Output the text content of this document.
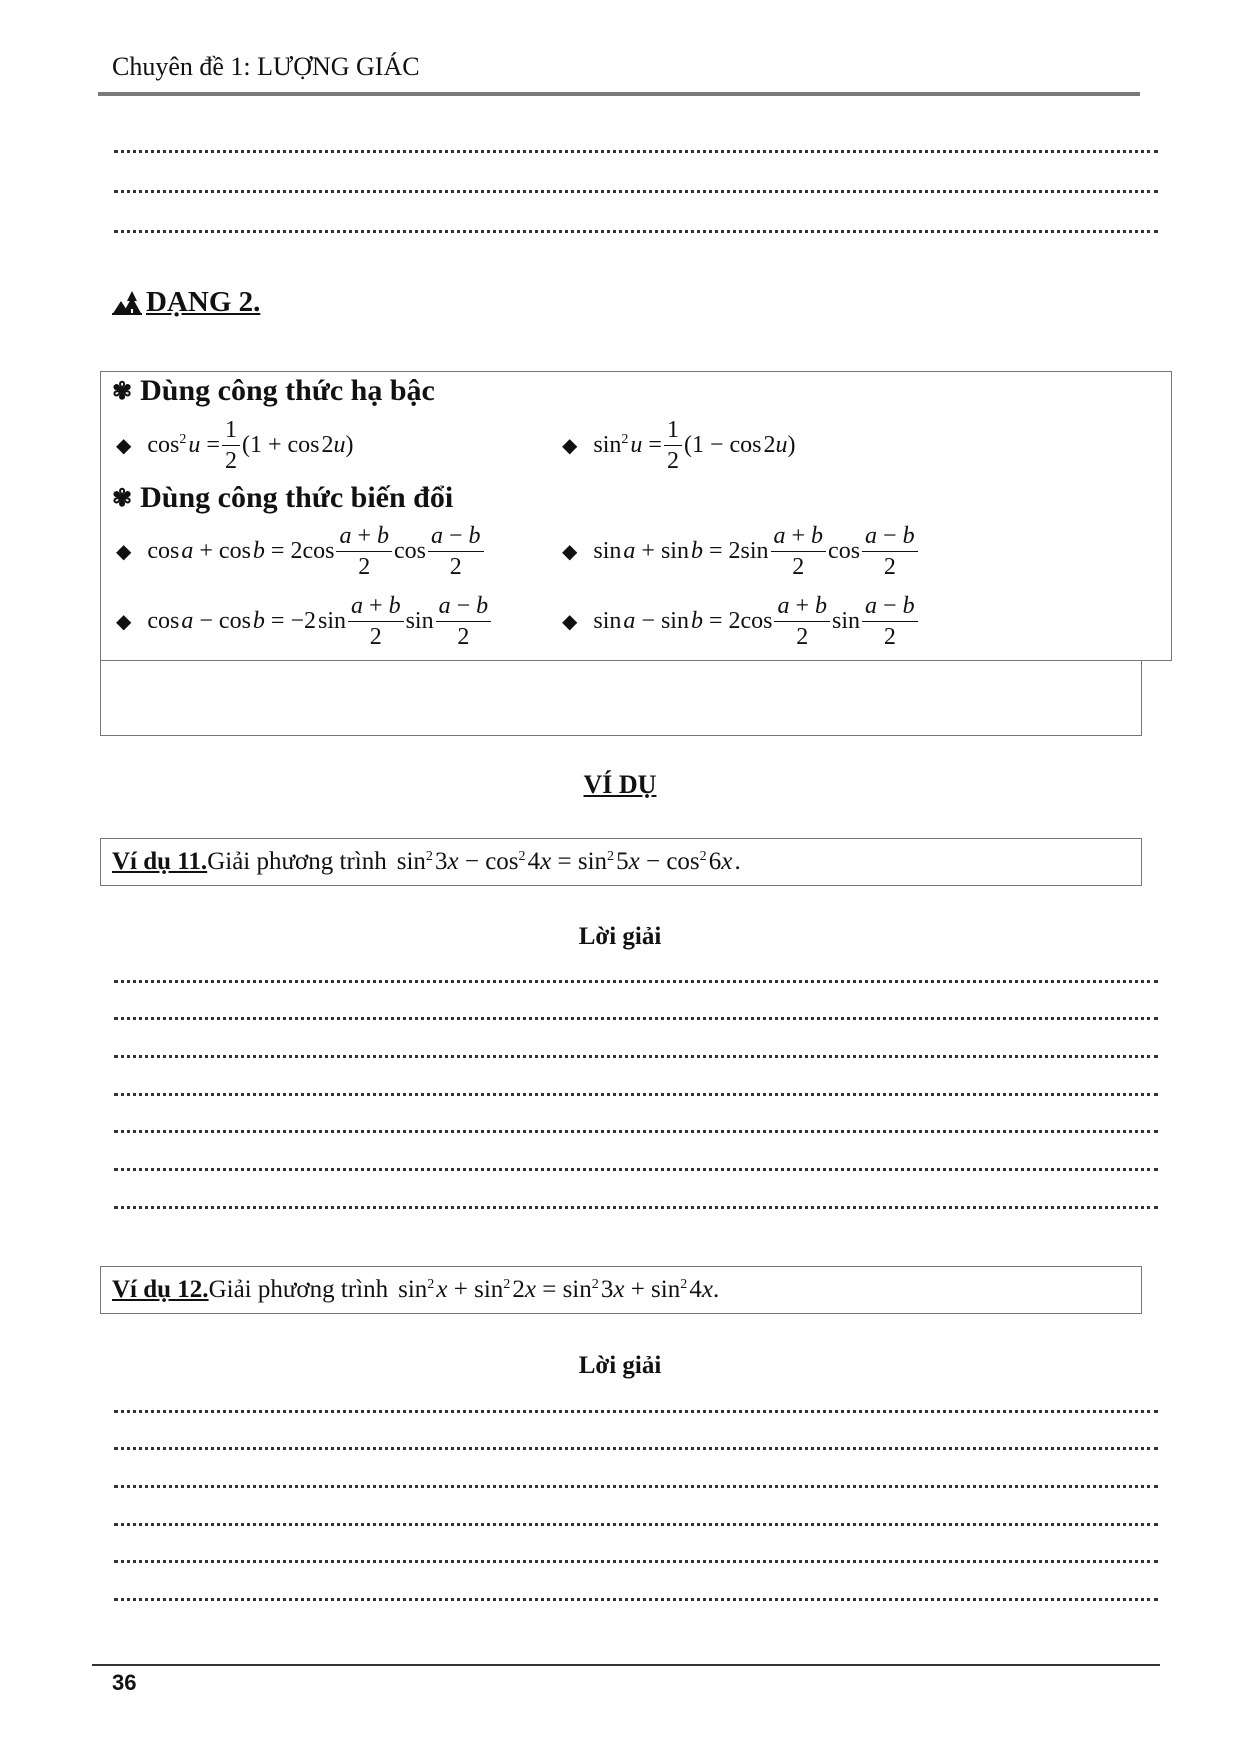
Chuyên đề 1: LƯỢNG GIÁC
DẠNG 2.
✾ Dùng công thức hạ bậc
◆ $\cos^2$ $u = \frac{1}{2} (1 + \cos$ 2u)	◆ $\sin^2$ $u = \frac{1}{2} (1 - \cos$ 2u)
✾ Dùng công thức biến đổi
◆ cos a + cos $b = 2\cos \frac{a + b}{2}$ $\cos \frac{a - b}{2}$	◆ sin a + sin $b = 2\sin \frac{a + b}{2}$ $\cos \frac{a - b}{2}$
◆ cos a − cos b = −2 $\sin \frac{a + b}{2}$ $\sin \frac{a - b}{2}$	◆ sin a − sin $b = 2\cos \frac{a + b}{2}$ $\sin \frac{a - b}{2}$
VÍ DỤ
Ví dụ 11. Giải phương trình $\sin^2$ $3x - \cos^2$ $4x = \sin^2$ $5x - \cos^2$ 6x .
Lời giải
Ví dụ 12. Giải phương trình $\sin^2$ $x + \sin^2$ $2x = \sin^2$ $3x + \sin^2$ 4x.
Lời giải
36
